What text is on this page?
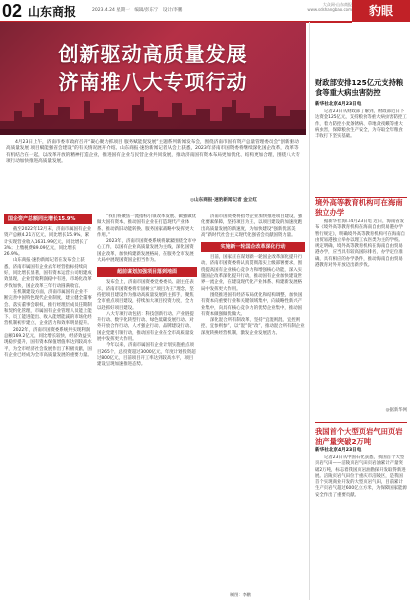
02 山东商报	2023.4.24 星期一　编辑/彭东宁　设计/李鹏
大众网·山东商报
www.sdshangbao.com	豹眼
创新驱动高质量发展
济南推八大专项行动
4月23日上午，济南市委市政府召开“凝心聚力抓项目 服务赋能促发展”主题系列新闻发布会，围绕济南市固有资产总量管理委员会“创新驱动高质量发展 项目赋能强省会建设”的有关情况展开介绍。山东商报·速豹新闻记者从会上获悉，2023年济南市国资委将继续深化国企改革，改革等有机结合在一起，以改革开放的精神打造企业，推进国有企业与民营企业共同发展，推动济南国有资本布局更加优化、结构更加合理，围绕八大专项行动加快推进高质量发展。
◎山东商报·速豹新闻记者 金立红
国企资产总额同比增长15.9%

截至2022年12月末，济南市属国有企业资产总额4.21万亿元，同比增长15.9%，累计实现营业收入1631.99亿元，同比增长了3%；上缴税费89.09亿元，同比增长26.9%。

山东商报·速豹新闻记者在发布会上获悉，济南市属国有企业去年经营指标持续向好，同比增长显著，国有资本运营公司组建成效显现，企业营收利润稳中有进，市场化改革步伐加快，国企改革三年行动圆满收官。

在机制建设方面，济南市属国有企业不断完善中国特色现代企业制度，建立健全董事会、落实董事会职权，推行经理层成员任期制和契约化管理，市属国有企业管理人员能上能下、员工能进能出、收入能增能减的市场化经营机制初步建立，企业活力和效率明显提升。

2022年，济南市国资委系统共实现利润总额169.2亿元，同比增长较快，经济效益实现稳步提升，国有资本保值增值率达到较高水平，为全市经济社会发展作出了积极贡献，国有企业已经成为全市高质量发展的重要力量。

“我们将聚焦一流指标引领改革发展、做强做优做大国有资本，推动国有企业在打造现代产业体系、推动新旧动能转换、服务国家战略中发挥更大作用。”

2023年，济南市国资委系统将紧紧围绕全市中心工作，以国有企业高质量发展为主线，深化国资国企改革，加快构建新发展格局，在服务全市发展大局中展现国资国企担当作为。

超前谋划加强项目落到地面

发布会上，济南市国资委党委委员、副主任表示，济南市国资委将牢固树立“项目为王”理念，坚持把项目建设作为推动高质量发展的主抓手，聚焦全市重点项目建设，持续加大项目投资力度，全力以赴抓好项目建设。

八大专项行动包括：科技创新行动、产业链提升行动、数字化转型行动、绿色低碳发展行动、对外开放合作行动、人才强企行动、品牌建设行动、国企党建引领行动，推动国有企业在全市高质量发展中发挥更大作用。

今年以来，济南市属国有企业计划实施重点项目265个，总投资超过3000亿元，年度计划投资超过800亿元，目前项目开工率达到较高水平，项目建设呈现加速推进态势。

济南市国资委将指导企业加快推进项目建设，强化要素保障，坚持项目为王，以项目建设的加速度跑出高质量发展的新速度，为加快建设“强新优富美高”新时代社会主义现代化强省会贡献国资力量。

实施新一轮国企改革深化行动

目前，国家正在谋划新一轮国企改革深化提升行动，济南市国资委将认真贯彻落实上级部署要求，围绕提高国有企业核心竞争力和增强核心功能，深入实施国企改革深化提升行动，推动国有企业加快建设世界一流企业，在建设现代化产业体系、构建新发展格局中发挥更大作用。

围绕推进国有经济布局优化和结构调整，加快国有资本向重要行业和关键领域集中，向战略性新兴产业集中，向具有核心竞争力的优势企业集中，推动国有资本做强做优做大。

深化混合所有制改革，坚持“宜混则混、宜控则控、宜参则参”，以“混”促“改”，推动混合所有制企业深度转换经营机制，激发企业发展活力。

财政部安排125亿元支持粮食等重大病虫害防控
新华社北京4月23日电
记者23日从财政部了解到，财政部近日下达资金125亿元，支持粮食等重大病虫害防控工作，着力防控小麦条锈病、草地贪夜蛾等重大病虫害，保障粮食生产安全，为夺取全年粮食丰收打下坚实基础。
境外高等教育机构可在海南独立办学
据新华社海口4月23日电 近日，海南省发布《境外高等教育机构在海南自由贸易港办学暂行规定》，明确境外高等教育机构可在海南自由贸易港独立举办以理工农医类为主的学校。规定明确，境外高等教育机构在海南自由贸易港办学，应当具有较高国际排名，办学定位准确，具有相应的办学条件，推动海南自由贸易港教育对外开放迈出新步伐。
◎据新华网
我国首个大型页岩气田页岩油产量突破2万吨
新华社北京4月23日电
记者23日从中国石化获悉，我国首个大型页岩气田——涪陵页岩气田页岩油累计产量突破2万吨，标志着我国页岩油勘探开发取得新进展。涪陵页岩气田位于重庆市涪陵区，是我国首个实现商业开发的大型页岩气田，目前累计生产页岩气超过600亿立方米，为保障国家能源安全作出了重要贡献。
制图：李鹏
